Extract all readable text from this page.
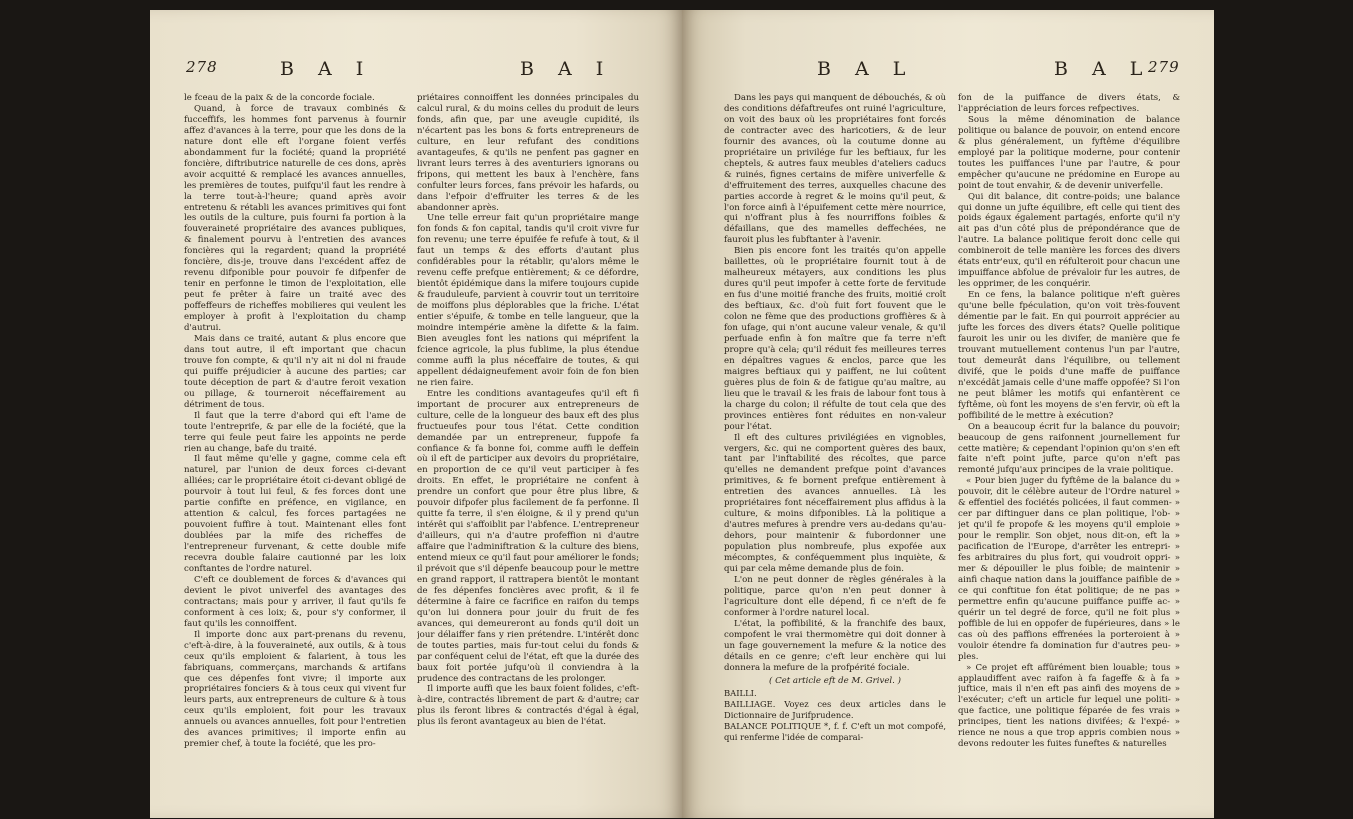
278	B A I	B A I

le fceau de la paix & de la concorde fociale.

Quand, à force de travaux combinés & fucceffifs, les hommes font parvenus à fournir affez d'avances à la terre, pour que les dons de la nature dont elle eft l'organe foient verfés abondamment fur la fociété; quand la propriété foncière, diftributrice naturelle de ces dons, après avoir acquitté & remplacé les avances annuelles, les premières de toutes, puifqu'il faut les rendre à la terre tout-à-l'heure; quand après avoir entretenu & rétabli les avances primitives qui font les outils de la culture, puis fourni fa portion à la fouveraineté propriétaire des avances publiques, & finalement pourvu à l'entretien des avances foncières qui la regardent; quand la propriété foncière, dis-je, trouve dans l'excédent affez de revenu difponible pour pouvoir fe difpenfer de tenir en perfonne le timon de l'exploitation, elle peut fe prêter à faire un traité avec des poffeffeurs de richeffes mobilieres qui veulent les employer à profit à l'exploitation du champ d'autrui.

Mais dans ce traité, autant & plus encore que dans tout autre, il eft important que chacun trouve fon compte, & qu'il n'y ait ni dol ni fraude qui puiffe préjudicier à aucune des parties; car toute déception de part & d'autre feroit vexation ou pillage, & tourneroit néceffairement au détriment de tous.

Il faut que la terre d'abord qui eft l'ame de toute l'entreprife, & par elle de la fociété, que la terre qui feule peut faire les appoints ne perde rien au change, bafe du traité.

Il faut même qu'elle y gagne, comme cela eft naturel, par l'union de deux forces ci-devant alliées; car le propriétaire étoit ci-devant obligé de pourvoir à tout lui feul, & fes forces dont une partie confifte en préfence, en vigilance, en attention & calcul, fes forces partagées ne pouvoient fuffire à tout. Maintenant elles font doublées par la mife des richeffes de l'entrepreneur furvenant, & cette double mife recevra double falaire cautionné par les loix conftantes de l'ordre naturel.

C'eft ce doublement de forces & d'avances qui devient le pivot univerfel des avantages des contractans; mais pour y arriver, il faut qu'ils fe conforment à ces loix; &, pour s'y conformer, il faut qu'ils les connoiffent.

Il importe donc aux part-prenans du revenu, c'eft-à-dire, à la fouveraineté, aux outils, & à tous ceux qu'ils emploient & falarient, à tous les fabriquans, commerçans, marchands & artifans que ces dépenfes font vivre; il importe aux propriétaires fonciers & à tous ceux qui vivent fur leurs parts, aux entrepreneurs de culture & à tous ceux qu'ils emploient, foit pour les travaux annuels ou avances annuelles, foit pour l'entretien des avances primitives; il importe enfin au premier chef, à toute la fociété, que les pro-

priétaires connoiffent les données principales du calcul rural, & du moins celles du produit de leurs fonds, afin que, par une aveugle cupidité, ils n'écartent pas les bons & forts entrepreneurs de culture, en leur refufant des conditions avantageufes, & qu'ils ne penfent pas gagner en livrant leurs terres à des aventuriers ignorans ou fripons, qui mettent les baux à l'enchère, fans confulter leurs forces, fans prévoir les hafards, ou dans l'efpoir d'effruiter les terres & de les abandonner après.

Une telle erreur fait qu'un propriétaire mange fon fonds & fon capital, tandis qu'il croit vivre fur fon revenu; une terre épuifée fe refufe à tout, & il faut un temps & des efforts d'autant plus confidérables pour la rétablir, qu'alors même le revenu ceffe prefque entièrement; & ce défordre, bientôt épidémique dans la mifere toujours cupide & frauduleufe, parvient à couvrir tout un territoire de moiffons plus déplorables que la friche. L'état entier s'épuife, & tombe en telle langueur, que la moindre intempérie amène la difette & la faim. Bien aveugles font les nations qui méprifent la fcience agricole, la plus fublime, la plus étendue comme auffi la plus néceffaire de toutes, & qui appellent dédaigneufement avoir foin de fon bien ne rien faire.

Entre les conditions avantageufes qu'il eft fi important de procurer aux entrepreneurs de culture, celle de la longueur des baux eft des plus fructueufes pour tous l'état. Cette condition demandée par un entrepreneur, fuppofe fa confiance & fa bonne foi, comme auffi le deffein où il eft de participer aux devoirs du propriétaire, en proportion de ce qu'il veut participer à fes droits. En effet, le propriétaire ne confent à prendre un confort que pour être plus libre, & pouvoir difpofer plus facilement de fa perfonne. Il quitte fa terre, il s'en éloigne, & il y prend qu'un intérêt qui s'affoiblit par l'abfence. L'entrepreneur d'ailleurs, qui n'a d'autre profeffion ni d'autre affaire que l'adminiftration & la culture des biens, entend mieux ce qu'il faut pour améliorer le fonds; il prévoit que s'il dépenfe beaucoup pour le mettre en grand rapport, il rattrapera bientôt le montant de fes dépenfes foncières avec profit, & il fe détermine à faire ce facrifice en raifon du temps qu'on lui donnera pour jouir du fruit de fes avances, qui demeureront au fonds qu'il doit un jour délaiffer fans y rien prétendre. L'intérêt donc de toutes parties, mais fur-tout celui du fonds & par conféquent celui de l'état, eft que la durée des baux foit portée jufqu'où il conviendra à la prudence des contractans de les prolonger.

Il importe auffi que les baux foient folides, c'eft-à-dire, contractés librement de part & d'autre; car plus ils feront libres & contractés d'égal à égal, plus ils feront avantageux au bien de l'état.

B A L	B A L
279

Dans les pays qui manquent de débouchés, & où des conditions défaftreufes ont ruiné l'agriculture, on voit des baux où les propriétaires font forcés de contracter avec des haricotiers, & de leur fournir des avances, où la coutume donne au propriétaire un privilége fur les beftiaux, fur les cheptels, & autres faux meubles d'ateliers caducs & ruinés, fignes certains de mifère univerfelle & d'effruitement des terres, auxquelles chacune des parties accorde à regret & le moins qu'il peut, & l'on force ainfi à l'épuifement cette mère nourrice, qui n'offrant plus à fes nourriffons foibles & défaillans, que des mamelles deffechées, ne fauroit plus les fubftanter à l'avenir.

Bien pis encore font les traités qu'on appelle baillettes, où le propriétaire fournit tout à de malheureux métayers, aux conditions les plus dures qu'il peut impofer à cette forte de fervitude en fus d'une moitié franche des fruits, moitié croît des beftiaux, &c. d'où fuit fort fouvent que le colon ne fème que des productions groffières & à fon ufage, qui n'ont aucune valeur venale, & qu'il perfuade enfin à fon maître que fa terre n'eft propre qu'à cela; qu'il réduit fes meilleures terres en dépaîtres vagues & enclos, parce que les maigres beftiaux qui y paiffent, ne lui coûtent guères plus de foin & de fatigue qu'au maître, au lieu que le travail & les frais de labour font tous à la charge du colon; il réfulte de tout cela que des provinces entières font réduites en non-valeur pour l'état.

Il eft des cultures privilégiées en vignobles, vergers, &c. qui ne comportent guères des baux, tant par l'inftabilité des récoltes, que parce qu'elles ne demandent prefque point d'avances primitives, & fe bornent prefque entièrement à entretien des avances annuelles. Là les propriétaires font néceffairement plus affidus à la culture, & moins difponibles. Là la politique a d'autres mefures à prendre vers au-dedans qu'au-dehors, pour maintenir & fubordonner une population plus nombreufe, plus expofée aux mécomptes, & conféquemment plus inquiète, & qui par cela même demande plus de foin.

L'on ne peut donner de règles générales à la politique, parce qu'on n'en peut donner à l'agriculture dont elle dépend, fi ce n'eft de fe conformer à l'ordre naturel local.

L'état, la poffibilité, & la franchife des baux, compofent le vrai thermomètre qui doit donner à un fage gouvernement la mefure & la notice des détails en ce genre; c'eft leur enchère qui lui donnera la mefure de la profpérité fociale.

( Cet article eft de M. Grivel. )

BAILLI.

BAILLIAGE. Voyez ces deux articles dans le Dictionnaire de Jurifprudence.

BALANCE POLITIQUE *, f. f. C'eft un mot compofé, qui renferme l'idée de comparai-

fon de la puiffance de divers états, & l'appréciation de leurs forces refpectives.

Sous la même dénomination de balance politique ou balance de pouvoir, on entend encore & plus généralement, un fyftême d'équilibre employé par la politique moderne, pour contenir toutes les puiffances l'une par l'autre, & pour empêcher qu'aucune ne prédomine en Europe au point de tout envahir, & de devenir univerfelle.

Qui dit balance, dit contre-poids; une balance qui donne un jufte équilibre, eft celle qui tient des poids égaux également partagés, enforte qu'il n'y ait pas d'un côté plus de prépondérance que de l'autre. La balance politique feroit donc celle qui combineroit de telle manière les forces des divers états entr'eux, qu'il en réfulteroit pour chacun une impuiffance abfolue de prévaloir fur les autres, de les opprimer, de les conquérir.

En ce fens, la balance politique n'eft guères qu'une belle fpéculation, qu'on voit très-fouvent démentie par le fait. En qui pourroit apprécier au jufte les forces des divers états? Quelle politique fauroit les unir ou les divifer, de manière que fe trouvant mutuellement contenus l'un par l'autre, tout demeurât dans l'équilibre, ou tellement divifé, que le poids d'une maffe de puiffance n'excédât jamais celle d'une maffe oppofée? Si l'on ne peut blâmer les motifs qui enfantèrent ce fyftême, où font les moyens de s'en fervir, où eft la poffibilité de le mettre à exécution?

On a beaucoup écrit fur la balance du pouvoir; beaucoup de gens raifonnent journellement fur cette matière; & cependant l'opinion qu'on s'en eft faite n'eft point jufte, parce qu'on n'eft pas remonté jufqu'aux principes de la vraie politique.

« Pour bien juger du fyftême de la balance du » pouvoir, dit le célèbre auteur de l'Ordre naturel » & effentiel des fociétés policées, il faut commen- » cer par diftinguer dans ce plan politique, l'ob- » jet qu'il fe propofe & les moyens qu'il emploie » pour le remplir. Son objet, nous dit-on, eft la » pacification de l'Europe, d'arrêter les entrepri- » fes arbitraires du plus fort, qui voudroit oppri- » mer & dépouiller le plus foible; de maintenir » ainfi chaque nation dans la jouiffance paifible de » ce qui conftitue fon état politique; de ne pas » permettre enfin qu'aucune puiffance puiffe ac- » quérir un tel degré de force, qu'il ne foit plus » poffible de lui en oppofer de fupérieures, dans » le cas où des paffions effrenées la porteroient à » vouloir étendre fa domination fur d'autres peu- » ples.

» Ce projet eft affûrément bien louable; tous » applaudiffent avec raifon à fa fageffe & à fa » juftice, mais il n'en eft pas ainfi des moyens de » l'exécuter; c'eft un article fur lequel une politi- » que factice, une politique féparée de fes vrais » principes, tient les nations divifées; & l'expé- » rience ne nous a que trop appris combien nous » devons redouter les fuites funeftes & naturelles
